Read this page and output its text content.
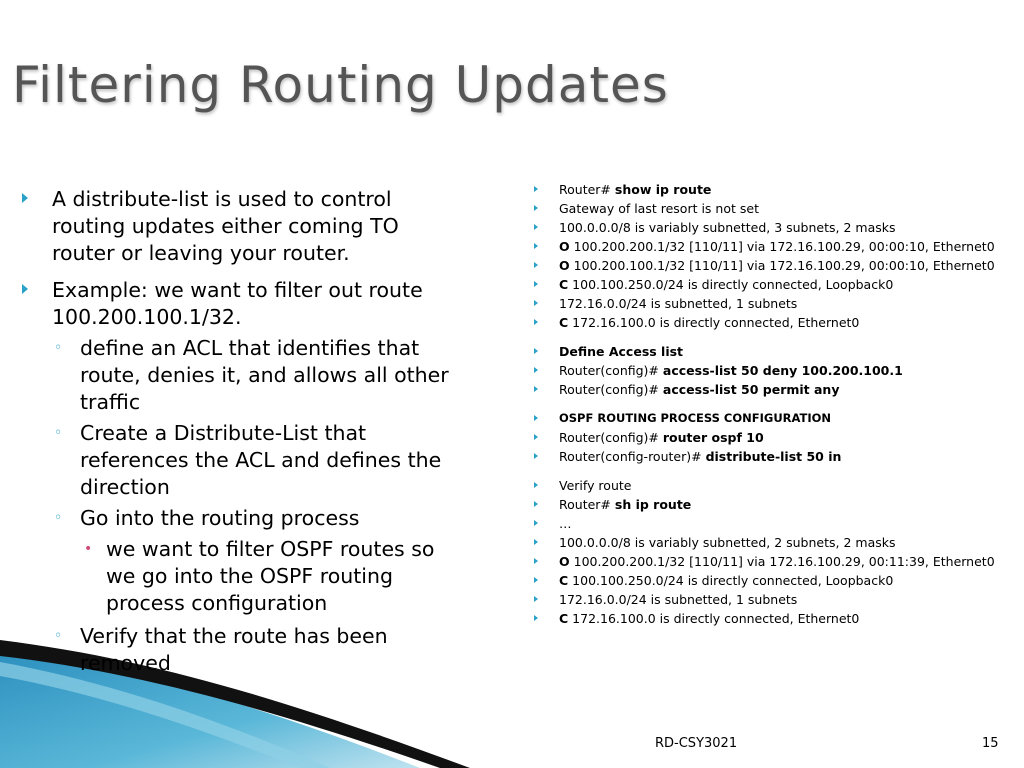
Filtering Routing Updates
A distribute-list is used to control routing updates either coming TO router or leaving your router.
Example: we want to filter out route 100.200.100.1/32.
◦ define an ACL that identifies that route, denies it, and allows all other traffic
◦ Create a Distribute-List that references the ACL and defines the direction
◦ Go into the routing process
• we want to filter OSPF routes so we go into the OSPF routing process configuration
◦ Verify that the route has been removed
Router# show ip route
Gateway of last resort is not set
100.0.0.0/8 is variably subnetted, 3 subnets, 2 masks
O 100.200.200.1/32 [110/11] via 172.16.100.29, 00:00:10, Ethernet0
O 100.200.100.1/32 [110/11] via 172.16.100.29, 00:00:10, Ethernet0
C 100.100.250.0/24 is directly connected, Loopback0
172.16.0.0/24 is subnetted, 1 subnets
C 172.16.100.0 is directly connected, Ethernet0
Define Access list
Router(config)# access-list 50 deny 100.200.100.1
Router(config)# access-list 50 permit any
OSPF ROUTING PROCESS CONFIGURATION
Router(config)# router ospf 10
Router(config-router)# distribute-list 50 in
Verify route
Router# sh ip route
…
100.0.0.0/8 is variably subnetted, 2 subnets, 2 masks
O 100.200.200.1/32 [110/11] via 172.16.100.29, 00:11:39, Ethernet0
C 100.100.250.0/24 is directly connected, Loopback0
172.16.0.0/24 is subnetted, 1 subnets
C 172.16.100.0 is directly connected, Ethernet0
RD-CSY3021	15
